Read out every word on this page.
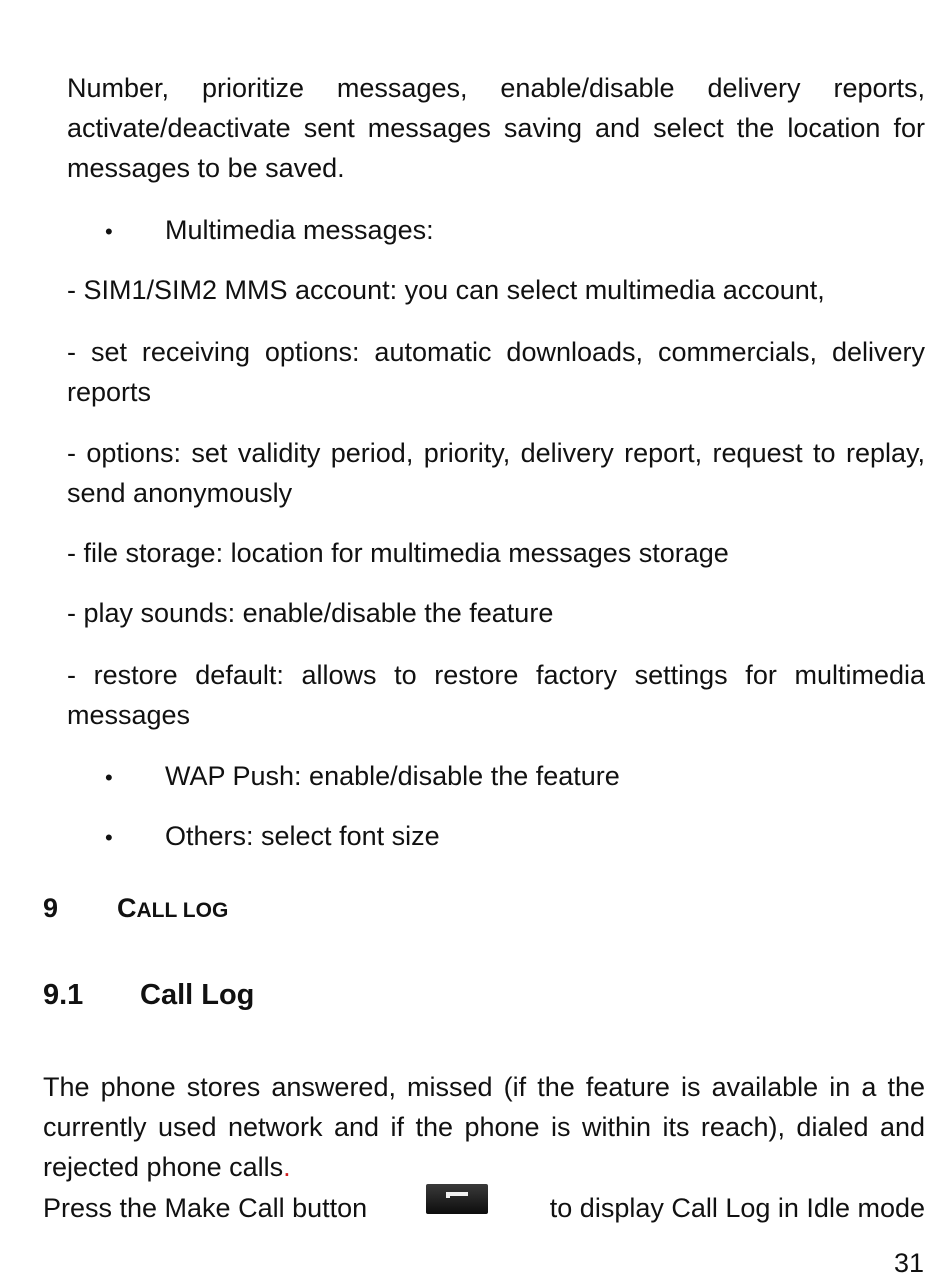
Number, prioritize messages, enable/disable delivery reports, activate/deactivate sent messages saving and select the location for messages to be saved.

• Multimedia messages:

- SIM1/SIM2 MMS account: you can select multimedia account,

- set receiving options: automatic downloads, commercials, delivery reports

- options: set validity period, priority, delivery report, request to replay, send anonymously

- file storage: location for multimedia messages storage

- play sounds: enable/disable the feature

- restore default: allows to restore factory settings for multimedia messages

• WAP Push: enable/disable the feature

• Others: select font size

9 CALL LOG
9.1 Call Log

The phone stores answered, missed (if the feature is available in a the currently used network and if the phone is within its reach), dialed and rejected phone calls.

Press the Make Call button	to display Call Log in Idle mode

31
